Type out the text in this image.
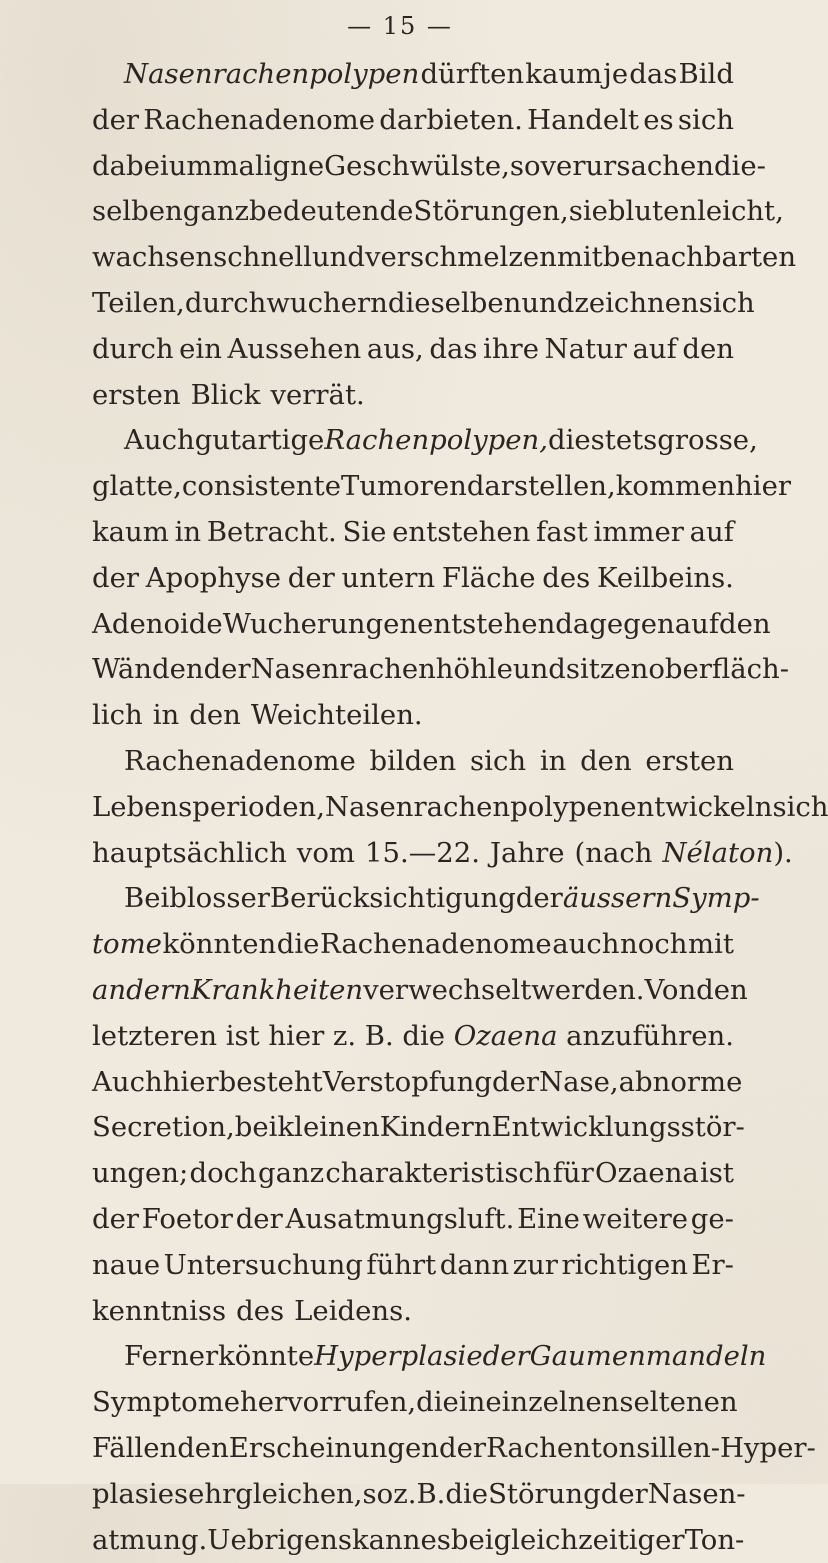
— 15 —
Nasenrachenpolypen dürften kaum je das Bild
der Rachenadenome darbieten. Handelt es sich
dabei um maligne Geschwülste, so verursachen die-
selben ganz bedeutende Störungen, sie bluten leicht,
wachsen schnell und verschmelzen mit benachbarten
Teilen, durchwuchern dieselben und zeichnen sich
durch ein Aussehen aus, das ihre Natur auf den
ersten Blick verrät.
Auch gutartige Rachenpolypen, die stets grosse,
glatte, consistente Tumoren darstellen, kommen hier
kaum in Betracht. Sie entstehen fast immer auf
der Apophyse der untern Fläche des Keilbeins.
Adenoide Wucherungen entstehen dagegen auf den
Wänden der Nasenrachenhöhle und sitzen oberfläch-
lich in den Weichteilen.
Rachenadenome bilden sich in den ersten
Lebensperioden, Nasenrachenpolypen entwickeln sich
hauptsächlich vom 15.—22. Jahre (nach Nélaton).
Bei blosser Berücksichtigung der äussern Symp-
tome könnten die Rachenadenome auch noch mit
andern Krankheiten verwechselt werden. Von den
letzteren ist hier z. B. die Ozaena anzuführen.
Auch hier besteht Verstopfung der Nase, abnorme
Secretion, bei kleinen Kindern Entwicklungsstör-
ungen; doch ganz charakteristisch für Ozaena ist
der Foetor der Ausatmungsluft. Eine weitere ge-
naue Untersuchung führt dann zur richtigen Er-
kenntniss des Leidens.
Ferner könnte Hyperplasie der Gaumenmandeln
Symptome hervorrufen, die in einzelnen seltenen
Fällen den Erscheinungen der Rachentonsillen-Hyper-
plasie sehr gleichen, so z. B. die Störung der Nasen-
atmung. Uebrigens kann es bei gleichzeitiger Ton-
